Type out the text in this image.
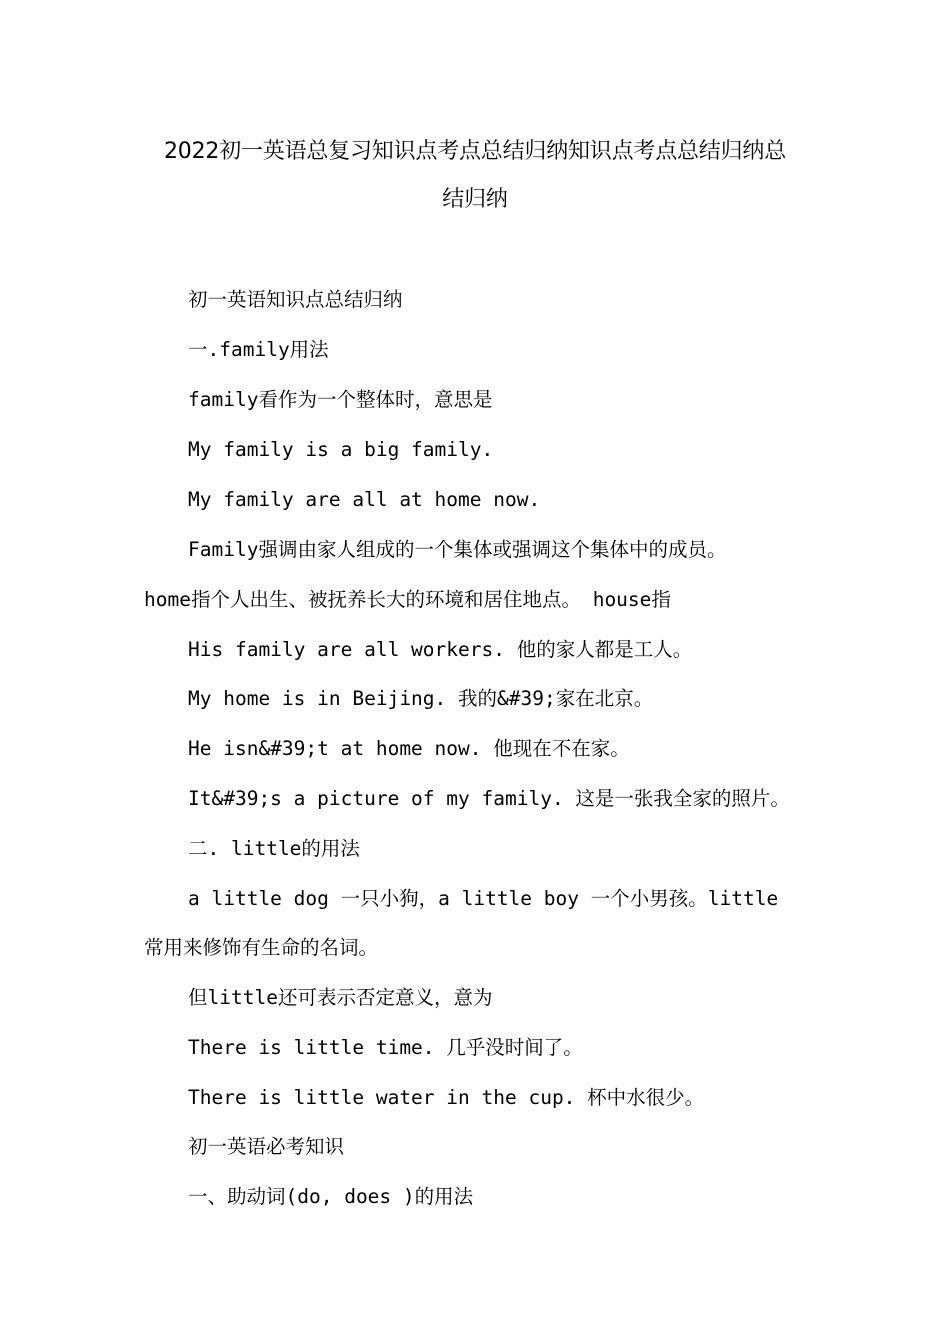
2022初一英语总复习知识点考点总结归纳知识点考点总结归纳总
结归纳
初一英语知识点总结归纳
一.family用法
family看作为一个整体时，意思是
My family is a big family.
My family are all at home now.
Family强调由家人组成的一个集体或强调这个集体中的成员。
home指个人出生、被抚养长大的环境和居住地点。 house指
His family are all workers. 他的家人都是工人。
My home is in Beijing. 我的&#39;家在北京。
He isn&#39;t at home now. 他现在不在家。
It&#39;s a picture of my family. 这是一张我全家的照片。
二. little的用法
a little dog 一只小狗，a little boy 一个小男孩。little
常用来修饰有生命的名词。
但little还可表示否定意义，意为
There is little time. 几乎没时间了。
There is little water in the cup. 杯中水很少。
初一英语必考知识
一、助动词(do, does )的用法
